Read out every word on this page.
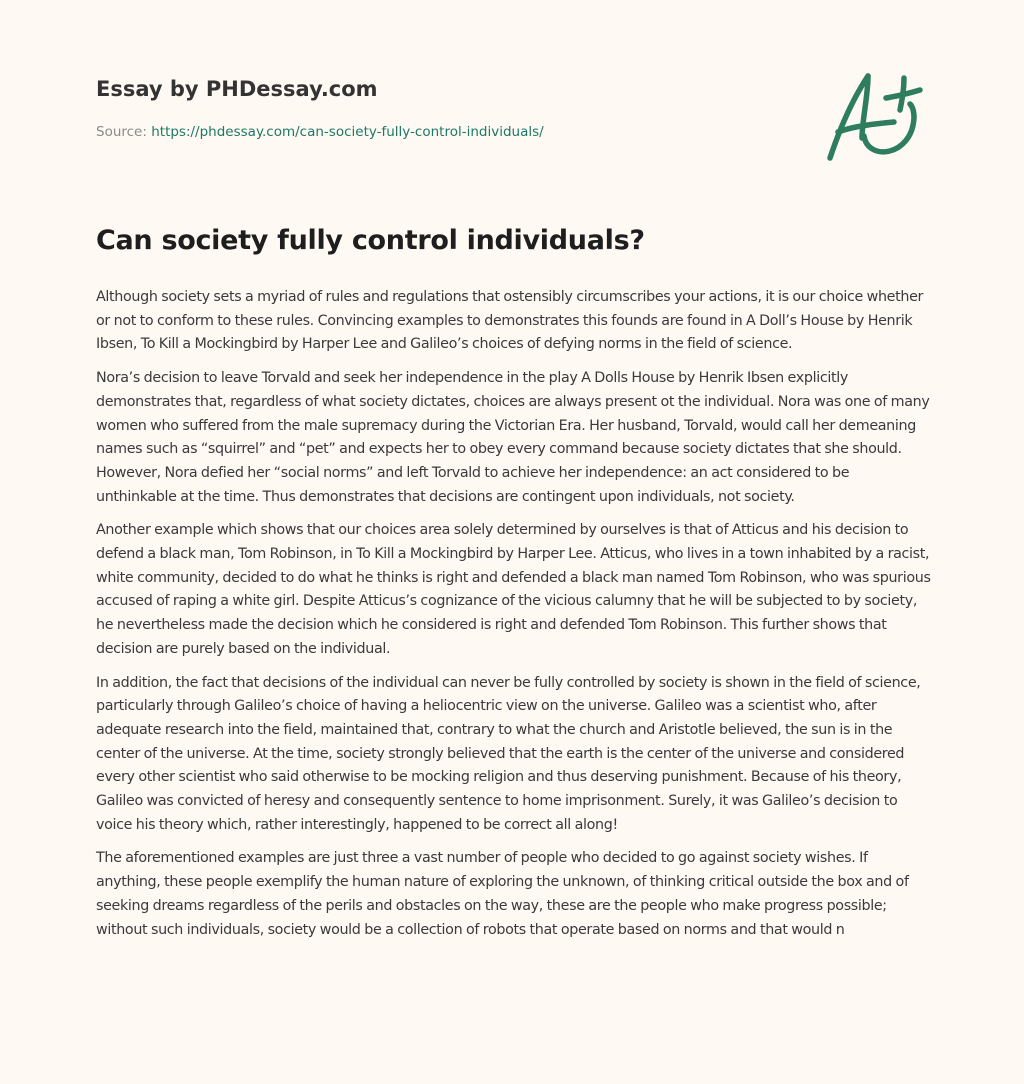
Essay by PHDessay.com
Source: https://phdessay.com/can-society-fully-control-individuals/
Can society fully control individuals?

Although society sets a myriad of rules and regulations that ostensibly circumscribes your actions, it is our choice whether or not to conform to these rules. Convincing examples to demonstrates this founds are found in A Doll’s House by Henrik Ibsen, To Kill a Mockingbird by Harper Lee and Galileo’s choices of defying norms in the field of science.

Nora’s decision to leave Torvald and seek her independence in the play A Dolls House by Henrik Ibsen explicitly demonstrates that, regardless of what society dictates, choices are always present ot the individual. Nora was one of many women who suffered from the male supremacy during the Victorian Era. Her husband, Torvald, would call her demeaning names such as “squirrel” and “pet” and expects her to obey every command because society dictates that she should. However, Nora defied her “social norms” and left Torvald to achieve her independence: an act considered to be unthinkable at the time. Thus demonstrates that decisions are contingent upon individuals, not society.

Another example which shows that our choices area solely determined by ourselves is that of Atticus and his decision to defend a black man, Tom Robinson, in To Kill a Mockingbird by Harper Lee. Atticus, who lives in a town inhabited by a racist, white community, decided to do what he thinks is right and defended a black man named Tom Robinson, who was spurious accused of raping a white girl. Despite Atticus’s cognizance of the vicious calumny that he will be subjected to by society, he nevertheless made the decision which he considered is right and defended Tom Robinson. This further shows that decision are purely based on the individual.

In addition, the fact that decisions of the individual can never be fully controlled by society is shown in the field of science, particularly through Galileo’s choice of having a heliocentric view on the universe. Galileo was a scientist who, after adequate research into the field, maintained that, contrary to what the church and Aristotle believed, the sun is in the center of the universe. At the time, society strongly believed that the earth is the center of the universe and considered every other scientist who said otherwise to be mocking religion and thus deserving punishment. Because of his theory, Galileo was convicted of heresy and consequently sentence to home imprisonment. Surely, it was Galileo’s decision to voice his theory which, rather interestingly, happened to be correct all along!

The aforementioned examples are just three a vast number of people who decided to go against society wishes. If anything, these people exemplify the human nature of exploring the unknown, of thinking critical outside the box and of seeking dreams regardless of the perils and obstacles on the way, these are the people who make progress possible; without such individuals, society would be a collection of robots that operate based on norms and that would n
